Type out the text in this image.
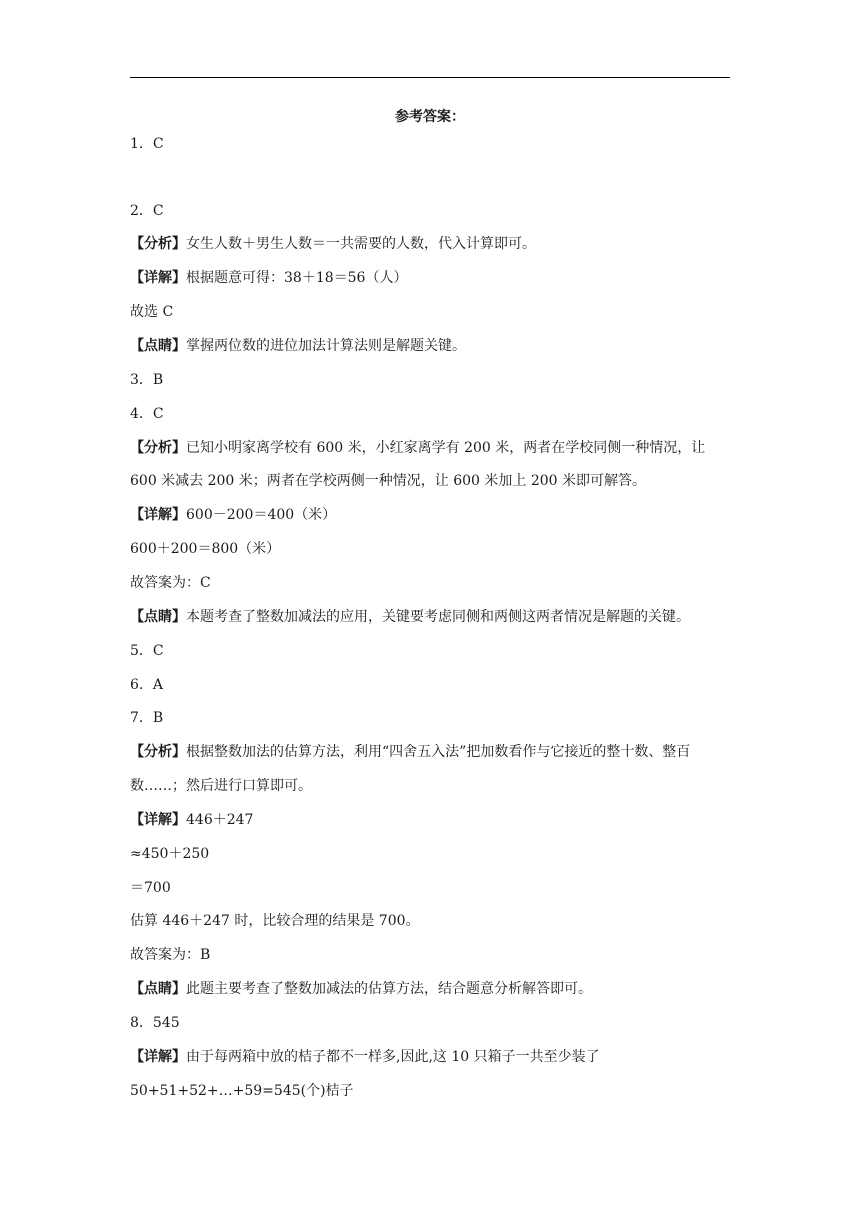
参考答案：
1．C
2．C
【分析】女生人数＋男生人数＝一共需要的人数，代入计算即可。
【详解】根据题意可得：38＋18＝56（人）
故选 C
【点睛】掌握两位数的进位加法计算法则是解题关键。
3．B
4．C
【分析】已知小明家离学校有 600 米，小红家离学有 200 米，两者在学校同侧一种情况，让
600 米减去 200 米；两者在学校两侧一种情况，让 600 米加上 200 米即可解答。
【详解】600－200＝400（米）
600＋200＝800（米）
故答案为：C
【点睛】本题考查了整数加减法的应用，关键要考虑同侧和两侧这两者情况是解题的关键。
5．C
6．A
7．B
【分析】根据整数加法的估算方法，利用“四舍五入法”把加数看作与它接近的整十数、整百
数……；然后进行口算即可。
【详解】446＋247
≈450＋250
＝700
估算 446＋247 时，比较合理的结果是 700。
故答案为：B
【点睛】此题主要考查了整数加减法的估算方法，结合题意分析解答即可。
8．545
【详解】由于每两箱中放的桔子都不一样多,因此,这 10 只箱子一共至少装了
50+51+52+…+59=545(个)桔子
